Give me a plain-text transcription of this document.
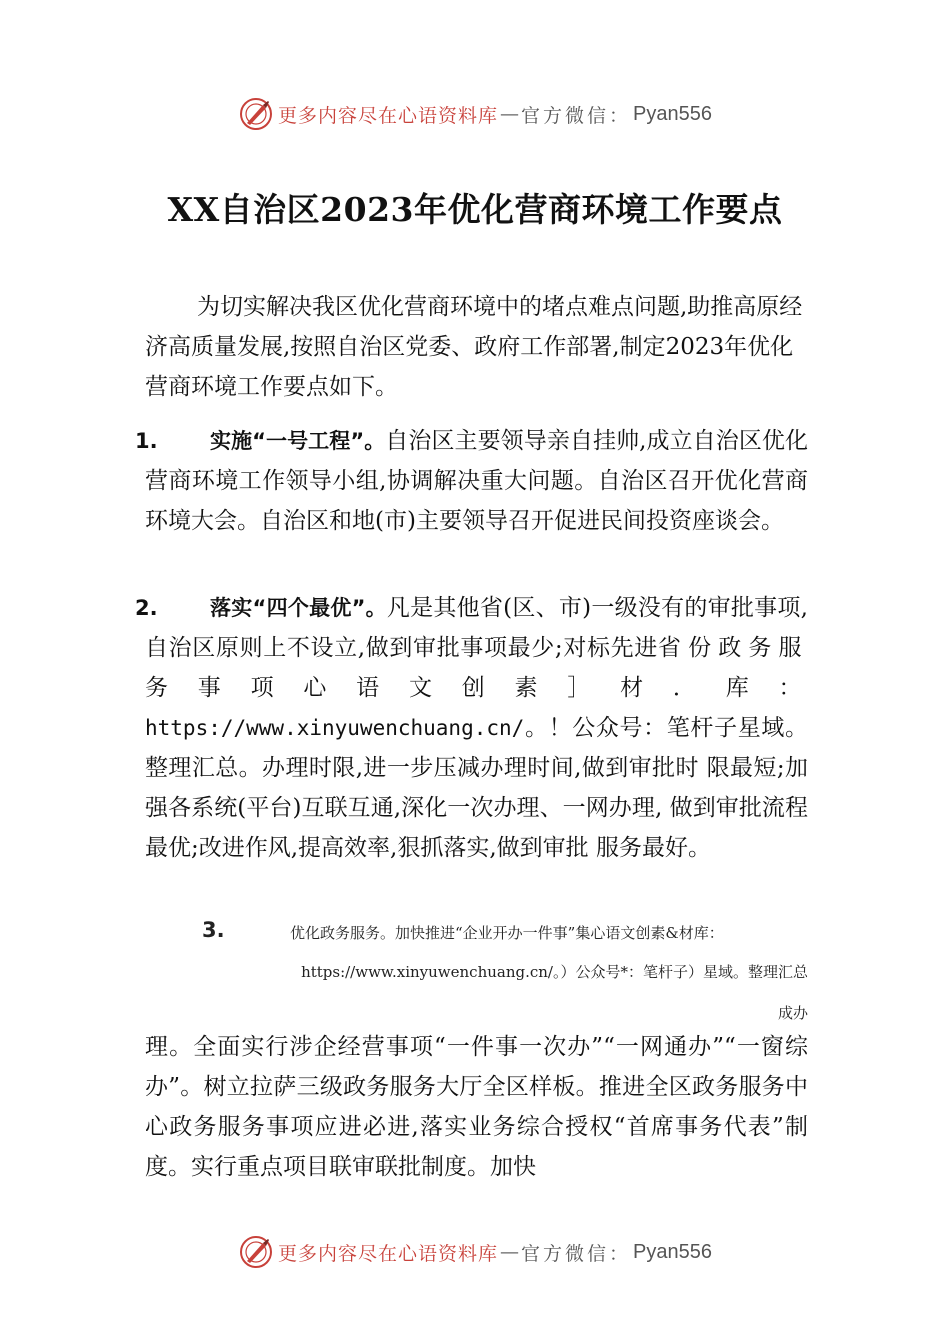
更多内容尽在心语资料库 — 官方微信： Pyan556
XX自治区2023年优化营商环境工作要点
为切实解决我区优化营商环境中的堵点难点问题,助推高原经济高质量发展,按照自治区党委、政府工作部署,制定2023年优化营商环境工作要点如下。
1. 实施“一号工程”。自治区主要领导亲自挂帅,成立自治区优化营商环境工作领导小组,协调解决重大问题。自治区召开优化营商环境大会。自治区和地(市)主要领导召开促进民间投资座谈会。
2. 落实“四个最优”。凡是其他省(区、市)一级没有的审批事项,自治区原则上不设立,做到审批事项最少;对标先进省份政务服务事项心语文创素］材．库：https://www.xinyuwenchuang.cn/。！公众号：笔杆子星域。整理汇总。办理时限,进一步压减办理时间,做到审批时 限最短;加强各系统(平台)互联互通,深化一次办理、一网办理, 做到审批流程最优;改进作风,提高效率,狠抓落实,做到审批 服务最好。
3.	优化政务服务。加快推进“企业开办一件事”集心语文创素&材库：
https://www.xinyuwenchuang.cn/。）公众号*：笔杆子）星域。整理汇总
成办
理。全面实行涉企经营事项“一件事一次办”“一网通办”“一窗综办”。树立拉萨三级政务服务大厅全区样板。推进全区政务服务中心政务服务事项应进必进,落实业务综合授权“首席事务代表”制度。实行重点项目联审联批制度。加快
更多内容尽在心语资料库 — 官方微信： Pyan556
